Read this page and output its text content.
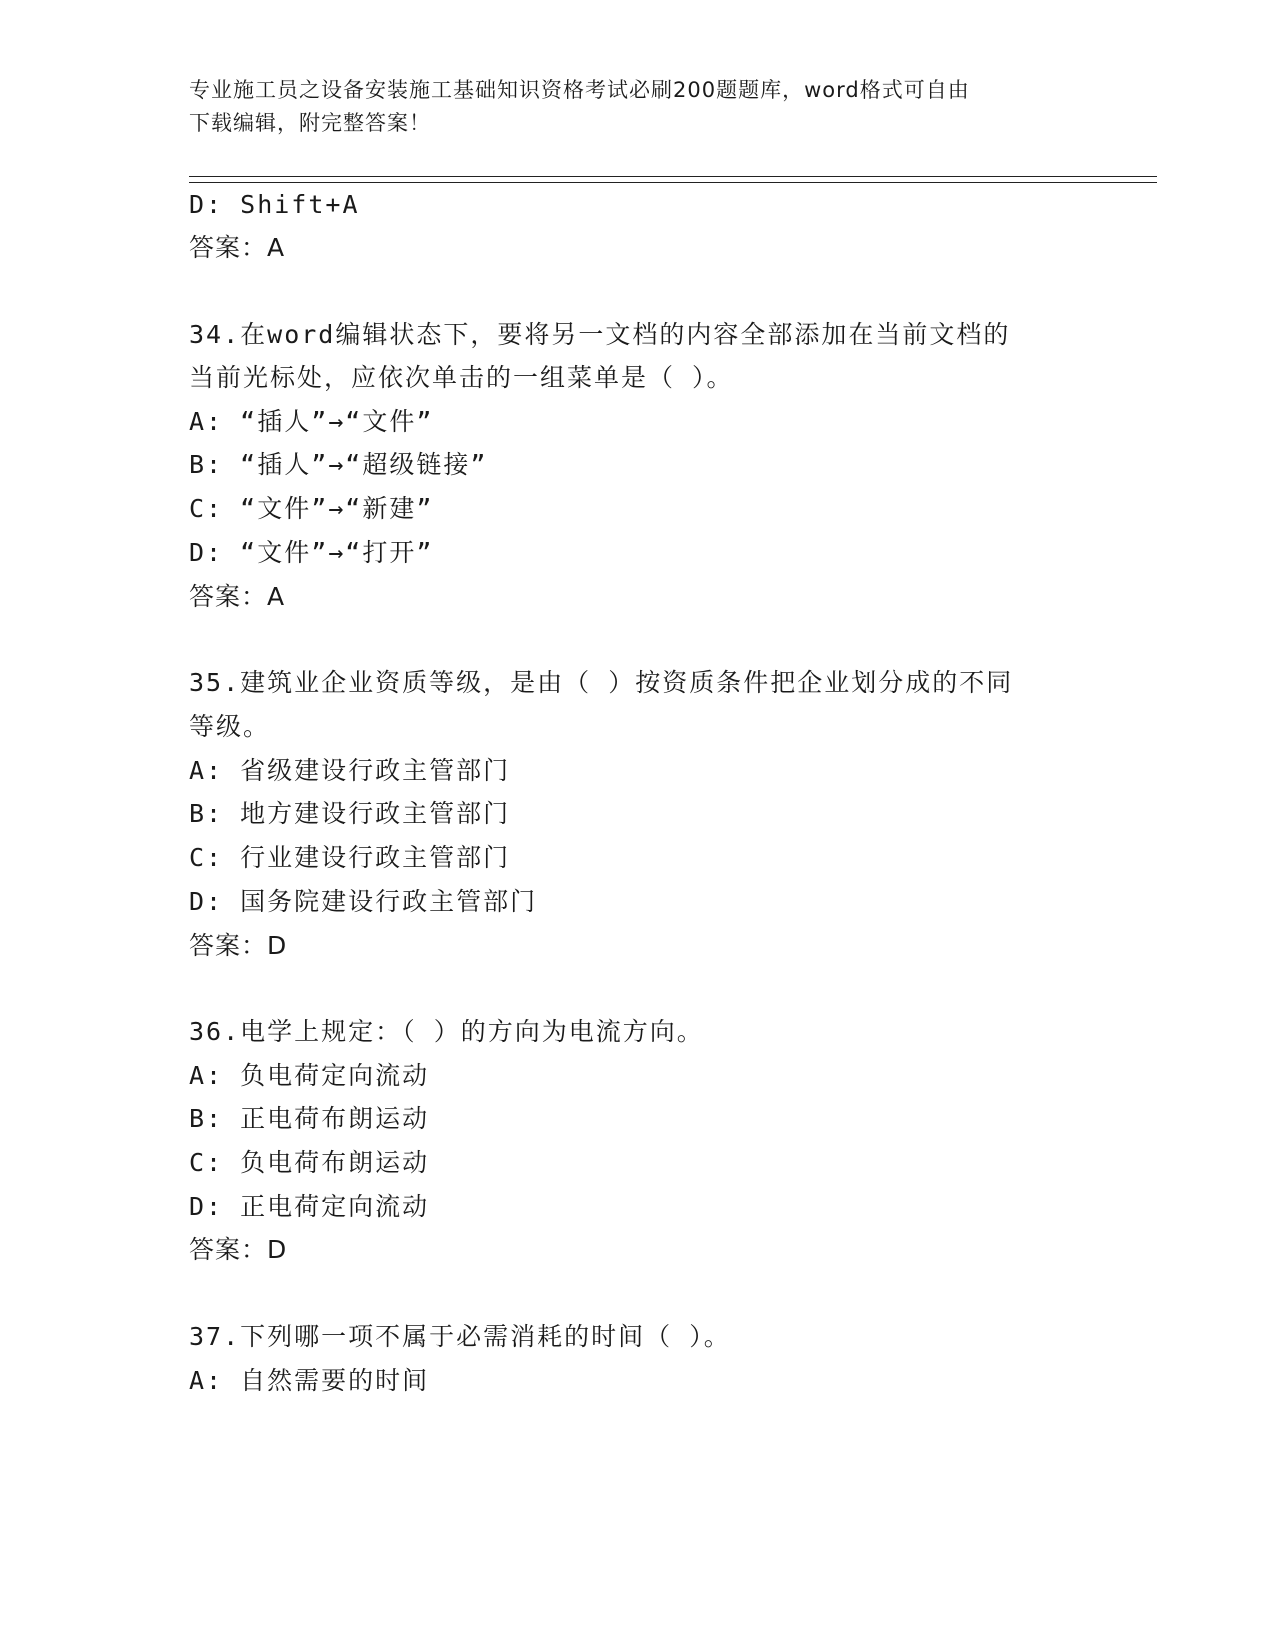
专业施工员之设备安装施工基础知识资格考试必刷200题题库，word格式可自由
下载编辑，附完整答案！
D: Shift+A
答案：A
34.在word编辑状态下，要将另一文档的内容全部添加在当前文档的
当前光标处，应依次单击的一组菜单是（ ）。
A: “插人”→“文件”
B: “插人”→“超级链接”
C: “文件”→“新建”
D: “文件”→“打开”
答案：A
35.建筑业企业资质等级，是由（ ）按资质条件把企业划分成的不同
等级。
A: 省级建设行政主管部门
B: 地方建设行政主管部门
C: 行业建设行政主管部门
D: 国务院建设行政主管部门
答案：D
36.电学上规定：（ ）的方向为电流方向。
A: 负电荷定向流动
B: 正电荷布朗运动
C: 负电荷布朗运动
D: 正电荷定向流动
答案：D
37.下列哪一项不属于必需消耗的时间（ ）。
A: 自然需要的时间
